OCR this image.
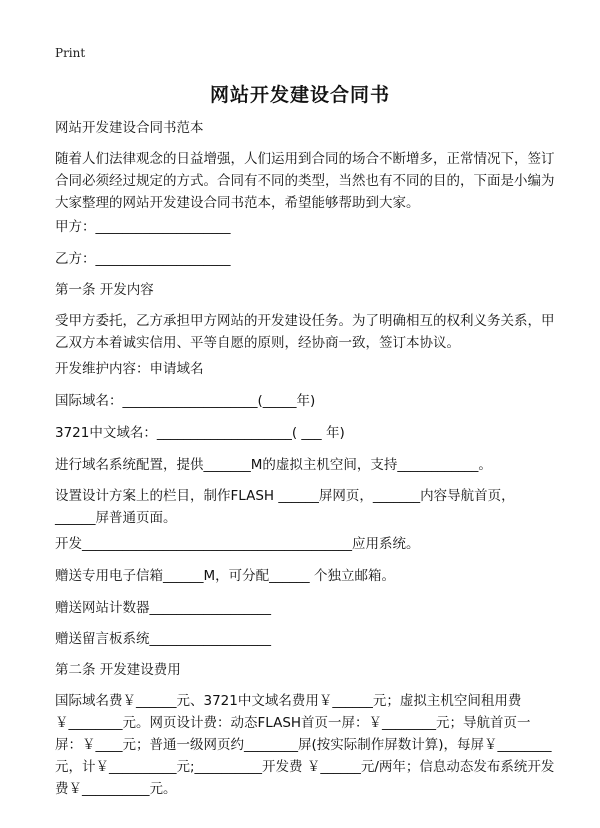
Print
网站开发建设合同书

网站开发建设合同书范本

随着人们法律观念的日益增强，人们运用到合同的场合不断增多，正常情况下，签订合同必须经过规定的方式。合同有不同的类型，当然也有不同的目的，下面是小编为大家整理的网站开发建设合同书范本，希望能够帮助到大家。

甲方：____________________

乙方：____________________

第一条 开发内容

受甲方委托，乙方承担甲方网站的开发建设任务。为了明确相互的权利义务关系，甲乙双方本着诚实信用、平等自愿的原则，经协商一致，签订本协议。

开发维护内容：申请域名

国际域名：____________________(_____年)

3721中文域名：____________________( ___ 年)

进行域名系统配置，提供_______M的虚拟主机空间，支持____________。

设置设计方案上的栏目，制作FLASH ______屏网页，_______内容导航首页，______屏普通页面。

开发________________________________________应用系统。

赠送专用电子信箱______M，可分配______ 个独立邮箱。

赠送网站计数器__________________

赠送留言板系统__________________

第二条 开发建设费用

国际域名费￥______元、3721中文域名费用￥______元；虚拟主机空间租用费￥________元。网页设计费：动态FLASH首页一屏：￥________元；导航首页一屏：￥____元；普通一级网页约________屏(按实际制作屏数计算)，每屏￥________元，计￥__________元;__________开发费 ￥______元/两年；信息动态发布系统开发费￥__________元。
